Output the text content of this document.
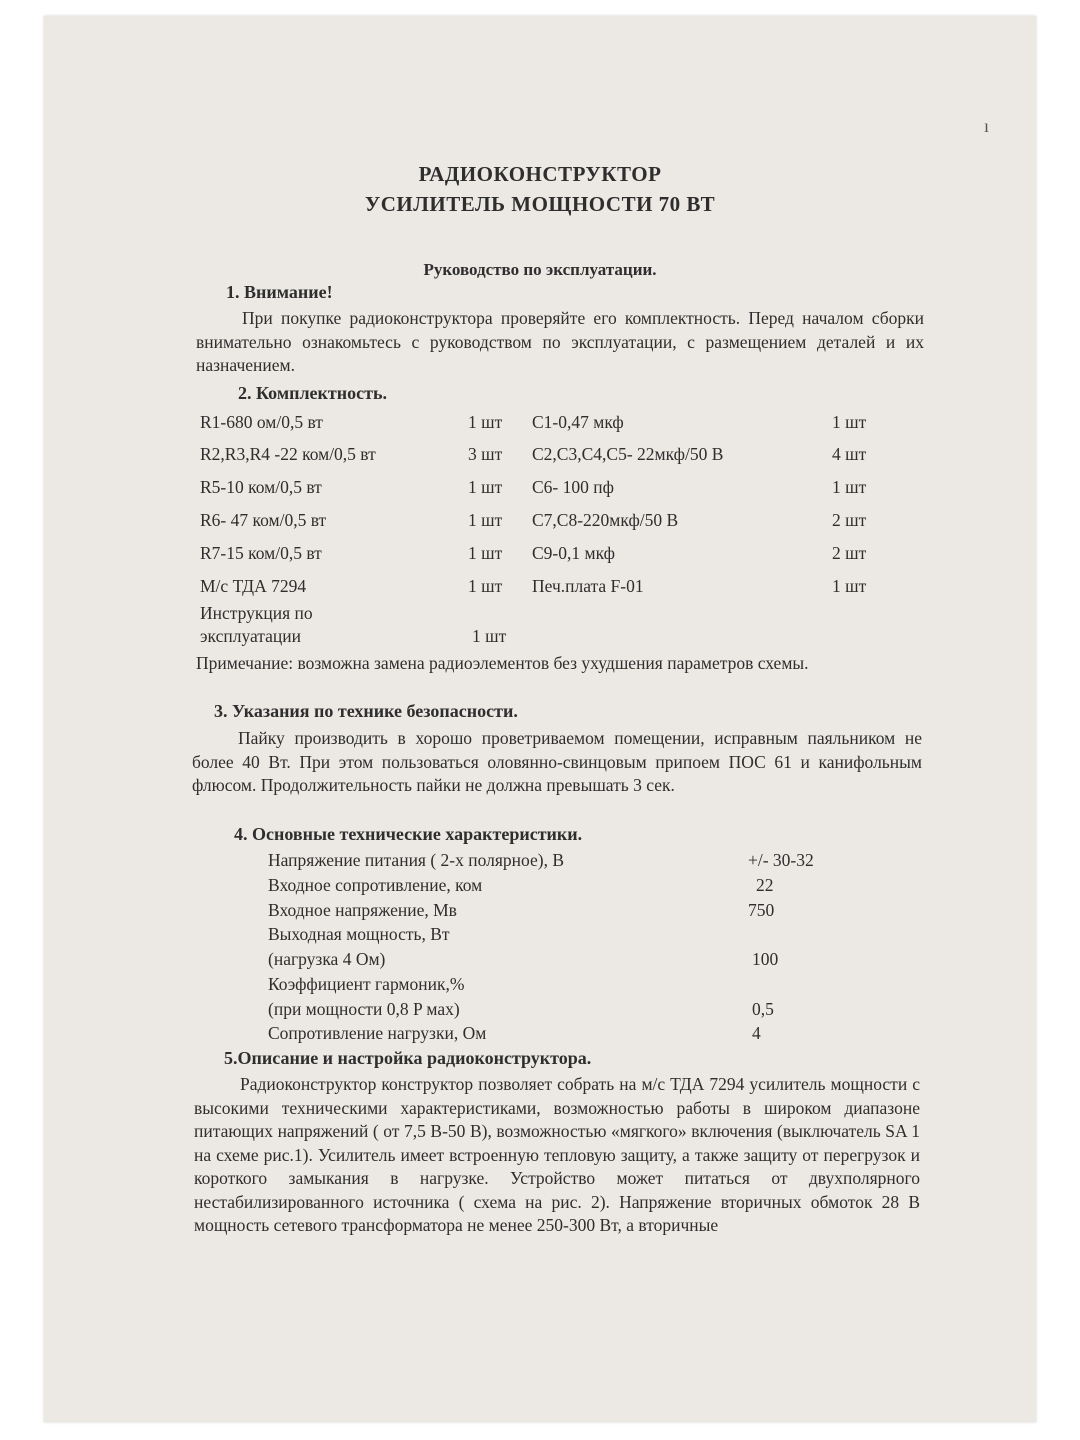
ı
РАДИОКОНСТРУКТОР
УСИЛИТЕЛЬ МОЩНОСТИ 70 ВТ
Руководство по эксплуатации.
1. Внимание!
При покупке радиоконструктора проверяйте его комплектность. Перед началом сборки внимательно ознакомьтесь с руководством по эксплуатации, с размещением деталей и их назначением.
2. Комплектность.
R1-680 ом/0,5 вт	1 шт C1-0,47 мкф	1 шт
R2,R3,R4 -22 ком/0,5 вт	3 шт C2,C3,C4,C5- 22мкф/50 В	4 шт
R5-10 ком/0,5 вт	1 шт C6- 100 пф	1 шт
R6- 47 ком/0,5 вт	1 шт C7,C8-220мкф/50 В	2 шт
R7-15 ком/0,5 вт	1 шт C9-0,1 мкф	2 шт
М/с ТДА 7294	1 шт Печ.плата F-01	1 шт
Инструкция по
эксплуатации	1 шт
Примечание: возможна замена радиоэлементов без ухудшения параметров схемы.
3. Указания по технике безопасности.
Пайку производить в хорошо проветриваемом помещении, исправным паяльником не более 40 Вт. При этом пользоваться оловянно-свинцовым припоем ПОС 61 и канифольным флюсом. Продолжительность пайки не должна превышать 3 сек.
4. Основные технические характеристики.
Напряжение питания ( 2-х полярное), В	+/- 30-32
Входное сопротивление, ком	22
Входное напряжение, Мв	750
Выходная мощность, Вт
(нагрузка 4 Ом)	100
Коэффициент гармоник,%
(при мощности 0,8 P мах)	0,5
Сопротивление нагрузки, Ом	4
5.Описание и настройка радиоконструктора.
Радиоконструктор конструктор позволяет собрать на м/с ТДА 7294 усилитель мощности с высокими техническими характеристиками, возможностью работы в широком диапазоне питающих напряжений ( от 7,5 В-50 В), возможностью «мягкого» включения (выключатель SA 1 на схеме рис.1). Усилитель имеет встроенную тепловую защиту, а также защиту от перегрузок и короткого замыкания в нагрузке. Устройство может питаться от двухполярного нестабилизированного источника ( схема на рис. 2). Напряжение вторичных обмоток 28 В мощность сетевого трансформатора не менее 250-300 Вт, а вторичные
